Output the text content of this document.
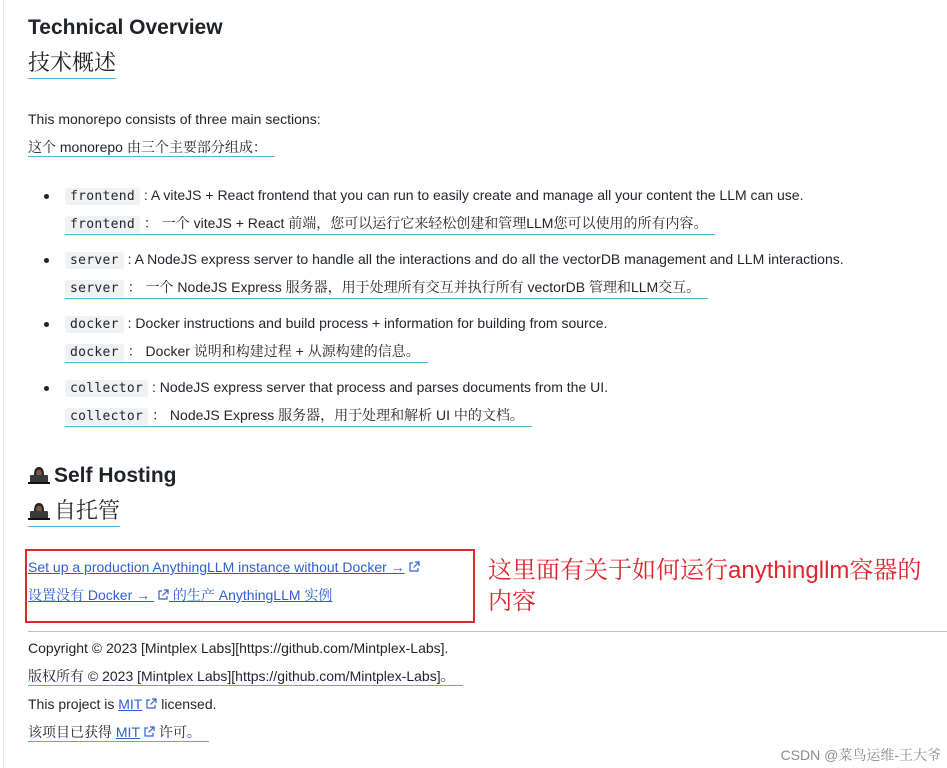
Technical Overview
技术概述
This monorepo consists of three main sections:
这个 monorepo 由三个主要部分组成：
frontend : A viteJS + React frontend that you can run to easily create and manage all your content the LLM can use.
frontend ： 一个 viteJS + React 前端，您可以运行它来轻松创建和管理LLM您可以使用的所有内容。
server : A NodeJS express server to handle all the interactions and do all the vectorDB management and LLM interactions.
server ： 一个 NodeJS Express 服务器，用于处理所有交互并执行所有 vectorDB 管理和LLM交互。
docker : Docker instructions and build process + information for building from source.
docker ： Docker 说明和构建过程 + 从源构建的信息。
collector : NodeJS express server that process and parses documents from the UI.
collector ： NodeJS Express 服务器，用于处理和解析 UI 中的文档。
Self Hosting
自托管
Set up a production AnythingLLM instance without Docker →
设置没有 Docker → 的生产 AnythingLLM 实例
Copyright © 2023 [Mintplex Labs][https://github.com/Mintplex-Labs].
版权所有 © 2023 [Mintplex Labs][https://github.com/Mintplex-Labs]。
This project is MIT licensed.
该项目已获得 MIT 许可。
这里面有关于如何运行anythingllm容器的内容
CSDN @菜鸟运维-王大爷
